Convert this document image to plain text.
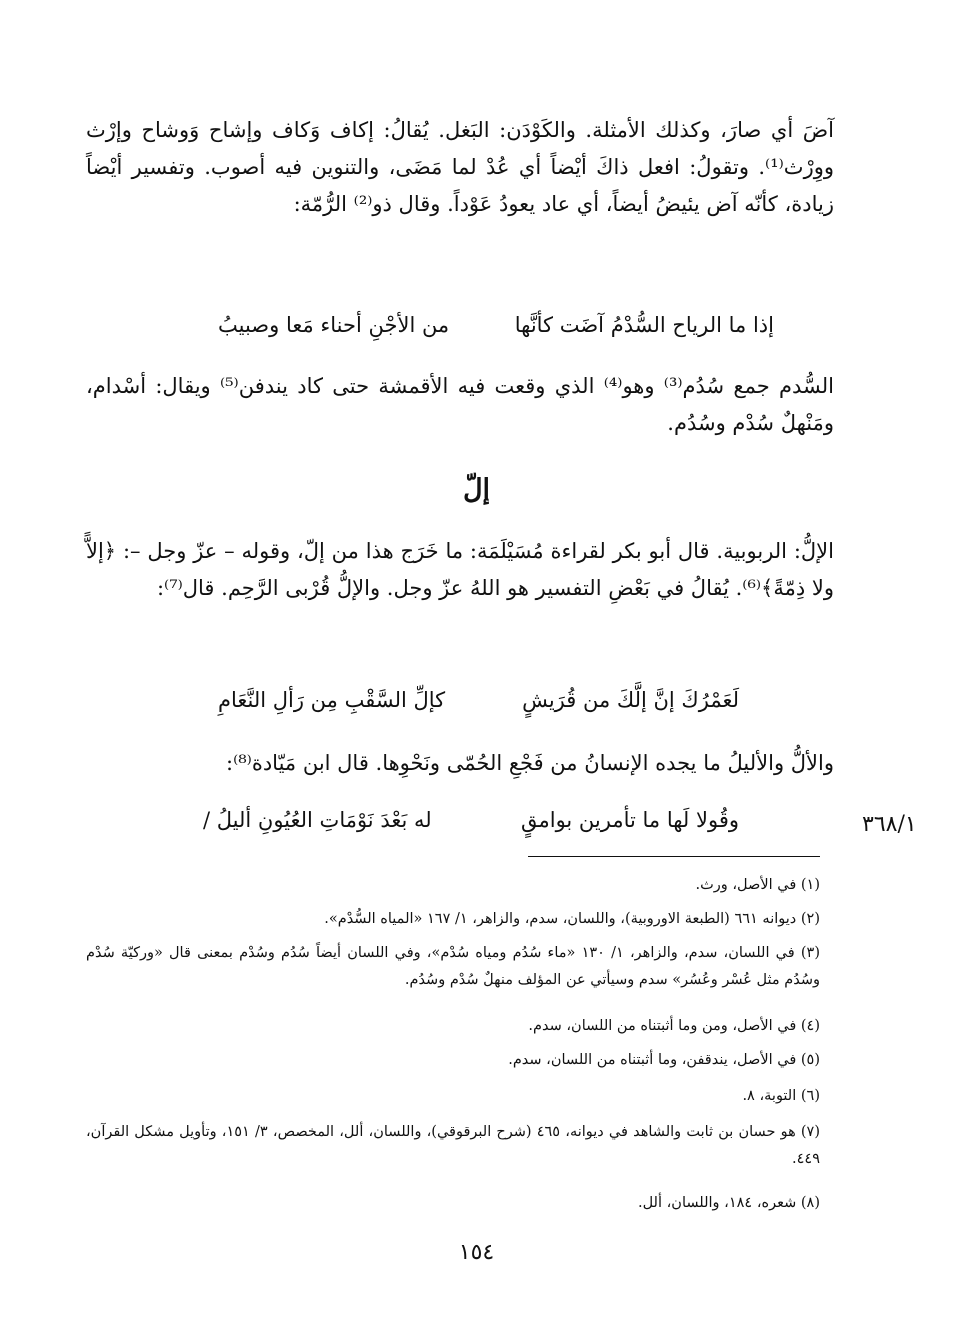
آضَ أي صارَ، وكذلك الأمثلة. والكَوْدَن: البَغل. يُقالُ: إكاف وَكاف وإشاح وَوشاح وإرْث ووِرْث⁽¹⁾. وتقولُ: افعل ذاكَ أيْضاً أي عُدْ لما مَضَى، والتنوين فيه أصوب. وتفسير أيْضاً زيادة، كأنّه آض يئيضُ أيضاً، أي عاد يعودُ عَوْداً. وقال ذو⁽²⁾ الرُّمّة:

إذا ما الرياح السُّدْمُ آضَت كأنَّها
من الأجْنِ أحناء مَعا وصبيبُ

السُّدم جمع سُدُم⁽³⁾ وهو⁽⁴⁾ الذي وقعت فيه الأقمشة حتى كاد يندفن⁽⁵⁾ ويقال: أسْدام، ومَنْهلٌ سُدْم وسُدُم.

إلّ

الإلُّ: الربوبية. قال أبو بكر لقراءة مُسَيْلَمَة: ما خَرَج هذا من إلّ، وقوله – عزّ وجل –: ﴿إلاًّ ولا ذِمّةً﴾⁽⁶⁾. يُقالُ في بَعْضِ التفسير هو اللهُ عزّ وجل. والإلُّ قُرْبى الرَّحِم. قال⁽⁷⁾:

لَعَمْرُكَ إنَّ إلَّكَ من قُرَيشٍ
كإلِّ السَّقْبِ مِن رَألِ النَّعَامِ

والألُّ والأليلُ ما يجده الإنسانُ من فَجْعِ الحُمّى ونَحْوِها. قال ابن مَيّادة⁽⁸⁾:

وقُولا لَها ما تأمرين بوامقٍ
له بَعْدَ نَوْمَاتِ العُيُونِ أليلُ /	٣٦٨/١

(١) في الأصل، ورث.

(٢) ديوانه ٦٦١ (الطبعة الاوروبية)، واللسان، سدم، والزاهر، ١/ ١٦٧ «المياه السُّدْم».

(٣) في اللسان، سدم، والزاهر، ١/ ١٣٠ «ماء سُدُم ومياه سُدْم»، وفي اللسان أيضاً سُدُم وسُدْم بمعنى قال «وركيّة سُدْم وسُدُم مثل عُسْر وعُسُر» سدم وسيأتي عن المؤلف منهلٌ سُدْم وسُدُم.

(٤) في الأصل، ومن وما أثبتناه من اللسان، سدم.

(٥) في الأصل، يندقفن، وما أثبتناه من اللسان، سدم.

(٦) التوبة، ٨.

(٧) هو حسان بن ثابت والشاهد في ديوانه، ٤٦٥ (شرح البرقوقي)، واللسان، ألل، المخصص، ٣/ ١٥١، وتأويل مشكل القرآن، ٤٤٩.

(٨) شعره، ١٨٤، واللسان، ألل.

١٥٤
